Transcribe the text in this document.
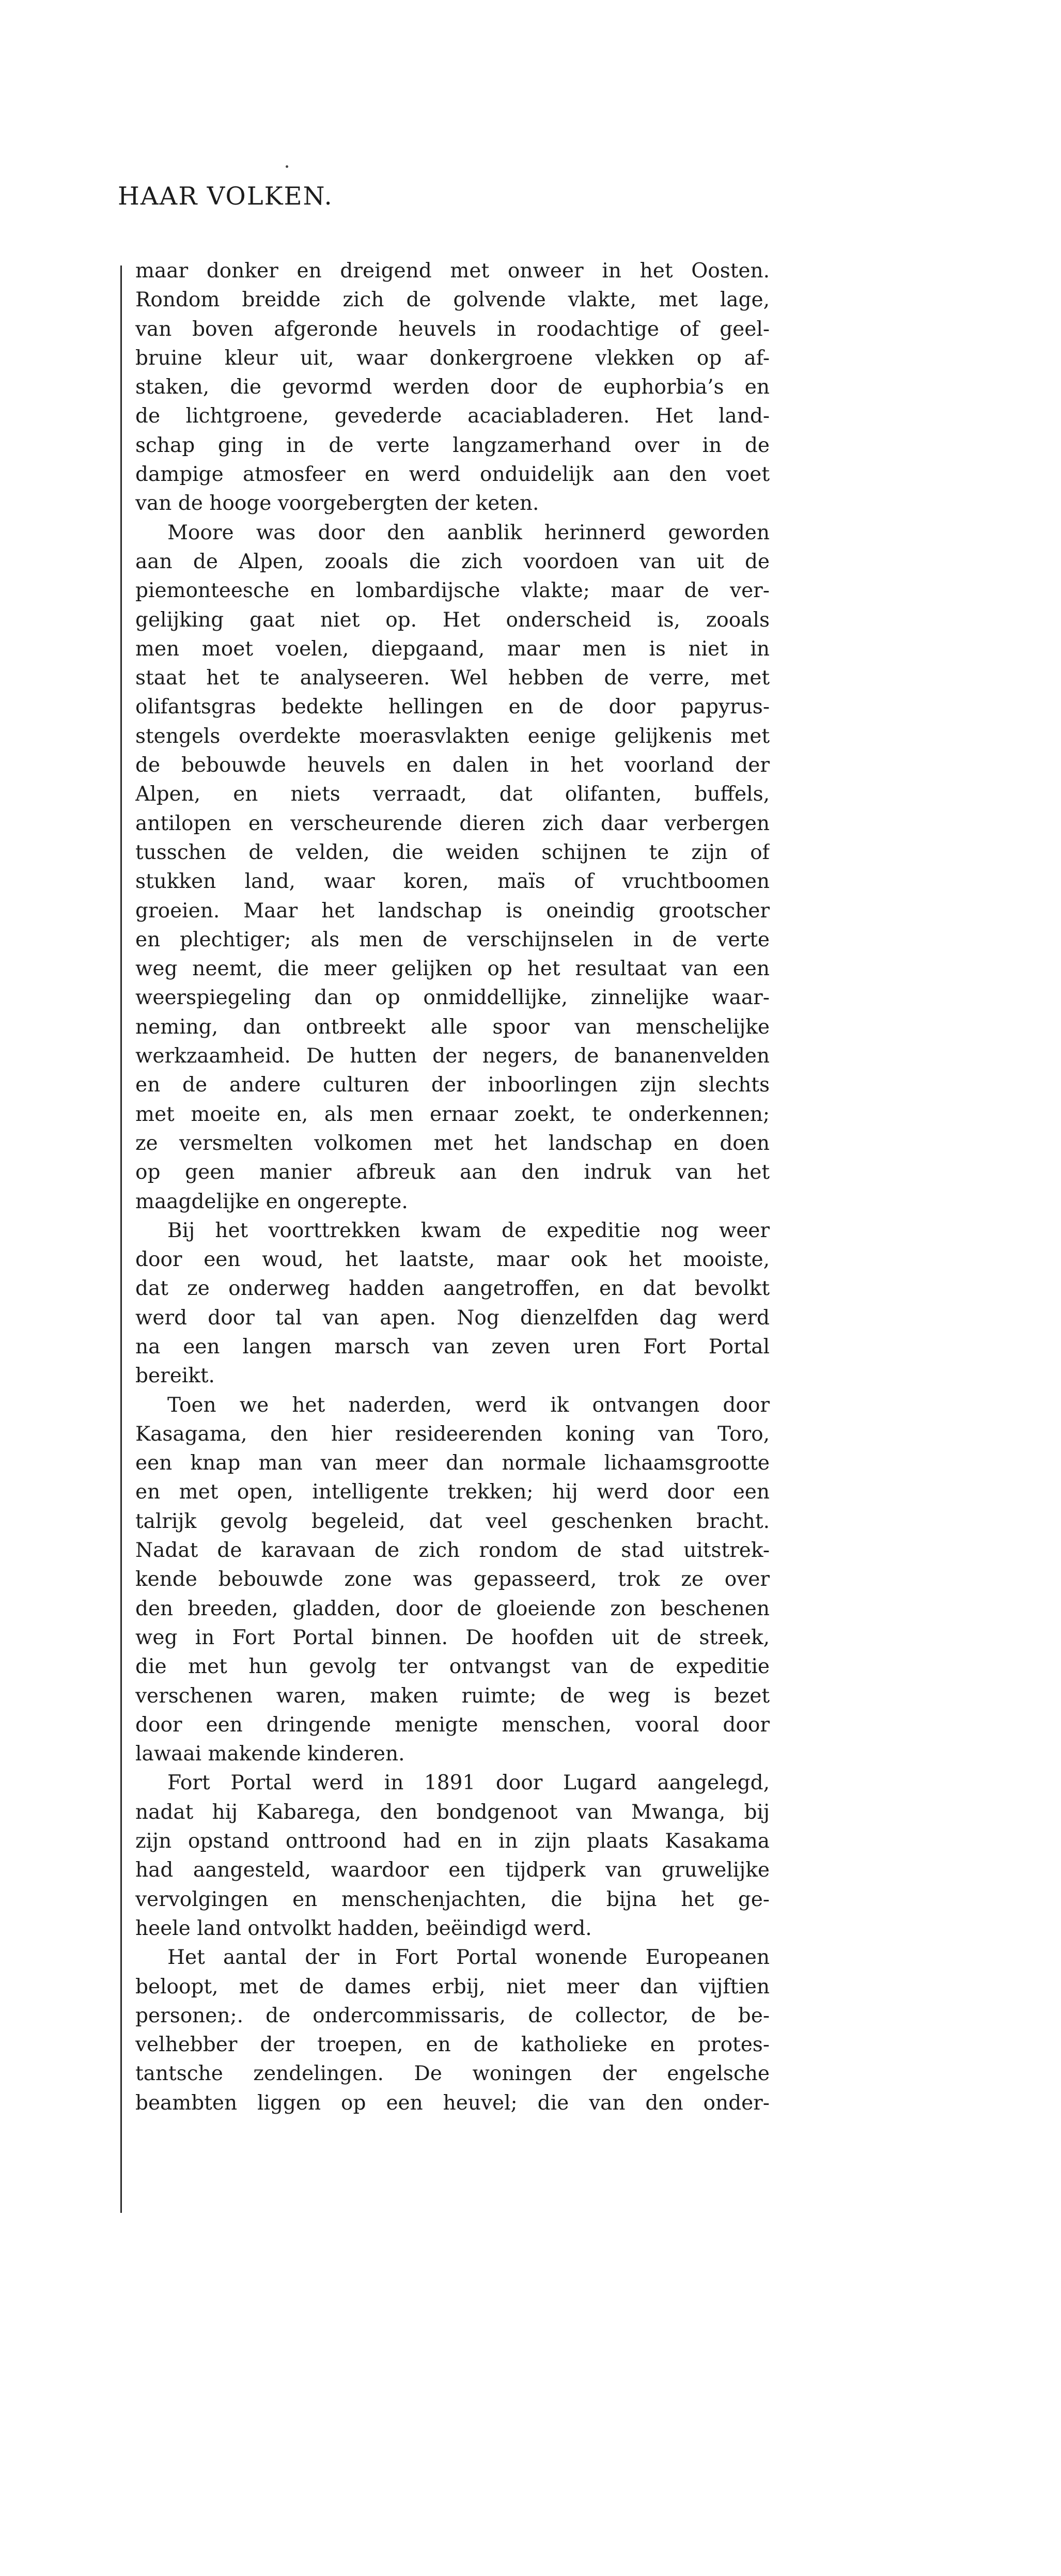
HAAR VOLKEN.
maar donker en dreigend met onweer in het Oosten.
Rondom breidde zich de golvende vlakte, met lage,
van boven afgeronde heuvels in roodachtige of geel-
bruine kleur uit, waar donkergroene vlekken op af-
staken, die gevormd werden door de euphorbia’s en
de lichtgroene, gevederde acaciabladeren. Het land-
schap ging in de verte langzamerhand over in de
dampige atmosfeer en werd onduidelijk aan den voet
van de hooge voorgebergten der keten.
Moore was door den aanblik herinnerd geworden
aan de Alpen, zooals die zich voordoen van uit de
piemonteesche en lombardijsche vlakte; maar de ver-
gelijking gaat niet op. Het onderscheid is, zooals
men moet voelen, diepgaand, maar men is niet in
staat het te analyseeren. Wel hebben de verre, met
olifantsgras bedekte hellingen en de door papyrus-
stengels overdekte moerasvlakten eenige gelijkenis met
de bebouwde heuvels en dalen in het voorland der
Alpen, en niets verraadt, dat olifanten, buffels,
antilopen en verscheurende dieren zich daar verbergen
tusschen de velden, die weiden schijnen te zijn of
stukken land, waar koren, maïs of vruchtboomen
groeien. Maar het landschap is oneindig grootscher
en plechtiger; als men de verschijnselen in de verte
weg neemt, die meer gelijken op het resultaat van een
weerspiegeling dan op onmiddellijke, zinnelijke waar-
neming, dan ontbreekt alle spoor van menschelijke
werkzaamheid. De hutten der negers, de bananenvelden
en de andere culturen der inboorlingen zijn slechts
met moeite en, als men ernaar zoekt, te onderkennen;
ze versmelten volkomen met het landschap en doen
op geen manier afbreuk aan den indruk van het
maagdelijke en ongerepte.
Bij het voorttrekken kwam de expeditie nog weer
door een woud, het laatste, maar ook het mooiste,
dat ze onderweg hadden aangetroffen, en dat bevolkt
werd door tal van apen. Nog dienzelfden dag werd
na een langen marsch van zeven uren Fort Portal
bereikt.
Toen we het naderden, werd ik ontvangen door
Kasagama, den hier resideerenden koning van Toro,
een knap man van meer dan normale lichaamsgrootte
en met open, intelligente trekken; hij werd door een
talrijk gevolg begeleid, dat veel geschenken bracht.
Nadat de karavaan de zich rondom de stad uitstrek-
kende bebouwde zone was gepasseerd, trok ze over
den breeden, gladden, door de gloeiende zon beschenen
weg in Fort Portal binnen. De hoofden uit de streek,
die met hun gevolg ter ontvangst van de expeditie
verschenen waren, maken ruimte; de weg is bezet
door een dringende menigte menschen, vooral door
lawaai makende kinderen.
Fort Portal werd in 1891 door Lugard aangelegd,
nadat hij Kabarega, den bondgenoot van Mwanga, bij
zijn opstand onttroond had en in zijn plaats Kasakama
had aangesteld, waardoor een tijdperk van gruwelijke
vervolgingen en menschenjachten, die bijna het ge-
heele land ontvolkt hadden, beëindigd werd.
Het aantal der in Fort Portal wonende Europeanen
beloopt, met de dames erbij, niet meer dan vijftien
personen;. de ondercommissaris, de collector, de be-
velhebber der troepen, en de katholieke en protes-
tantsche zendelingen. De woningen der engelsche
beambten liggen op een heuvel; die van den onder-
